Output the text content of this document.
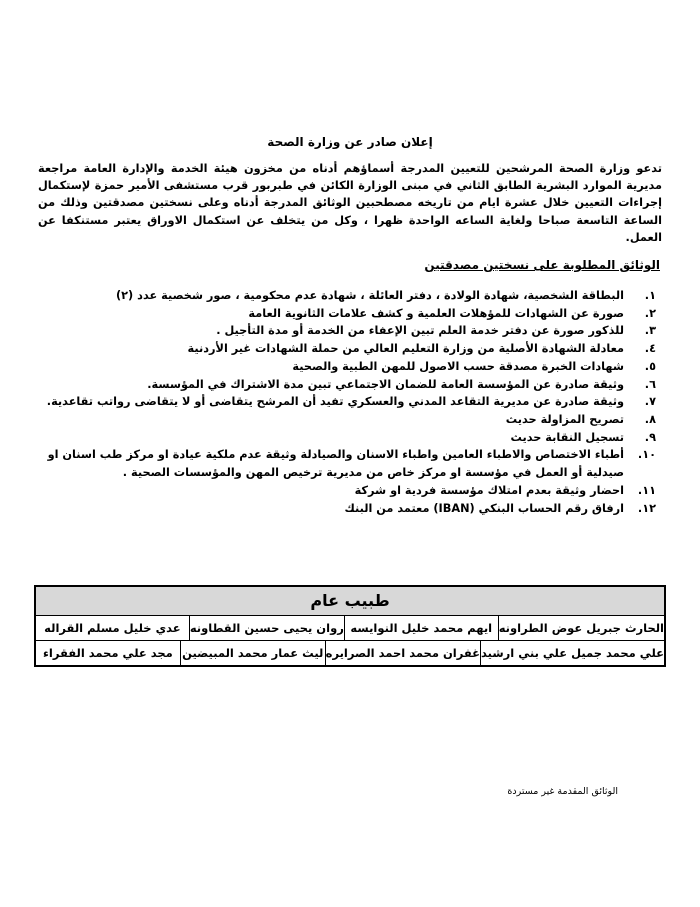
إعلان صادر عن وزارة الصحة
تدعو وزارة الصحة المرشحين للتعيين المدرجة أسماؤهم أدناه من مخزون هيئة الخدمة والإدارة العامة مراجعة مديرية الموارد البشرية الطابق الثاني في مبنى الوزارة الكائن في طبربور قرب مستشفى الأمير حمزة لإستكمال إجراءات التعيين خلال عشرة ايام من تاريخه مصطحبين الوثائق المدرجة أدناه وعلى نسختين مصدقتين وذلك من الساعة التاسعة صباحا ولغاية الساعه الواحدة ظهرا ، وكل من يتخلف عن استكمال الاوراق يعتبر مستنكفا عن العمل.
الوثائق المطلوبة على نسختين مصدقتين
١.
البطاقة الشخصية، شهادة الولادة ، دفتر العائلة ، شهادة عدم محكومية ، صور شخصية عدد (٢)
٢.
صورة عن الشهادات للمؤهلات العلمية و كشف علامات الثانوية العامة
٣.
للذكور صورة عن دفتر خدمة العلم تبين الإعفاء من الخدمة أو مدة التأجيل .
٤.
معادلة الشهادة الأصلية من وزارة التعليم العالي من حملة الشهادات غير الأردنية
٥.
شهادات الخبرة مصدقة حسب الاصول للمهن الطبية والصحية
٦.
وثيقة صادرة عن المؤسسة العامة للضمان الاجتماعي تبين مدة الاشتراك في المؤسسة.
٧.
وثيقة صادرة عن مديرية التقاعد المدني والعسكري تفيد أن المرشح يتقاضى أو لا يتقاضى رواتب تقاعدية.
٨.
تصريح المزاولة حديث
٩.
تسجيل النقابة حديث
١٠.
أطباء الاختصاص والاطباء العامين واطباء الاسنان والصيادلة وثيقة عدم ملكية عيادة او مركز طب اسنان او صيدلية أو العمل في مؤسسة او مركز خاص من مديرية ترخيص المهن والمؤسسات الصحية .
١١.
احضار وثيقة بعدم امتلاك مؤسسة فردية او شركة
١٢.
ارفاق رقم الحساب البنكي (IBAN) معتمد من البنك
طبيب عام
الحارث جبريل عوض الطراونه
ايهم محمد خليل النوايسه
روان يحيى حسين القطاونه
عدي خليل مسلم القراله
علي محمد جميل علي بني ارشيد
غفران محمد احمد الصرايره
ليث عمار محمد المبيضين
مجد علي محمد الفقراء
الوثائق المقدمة غير مستردة
